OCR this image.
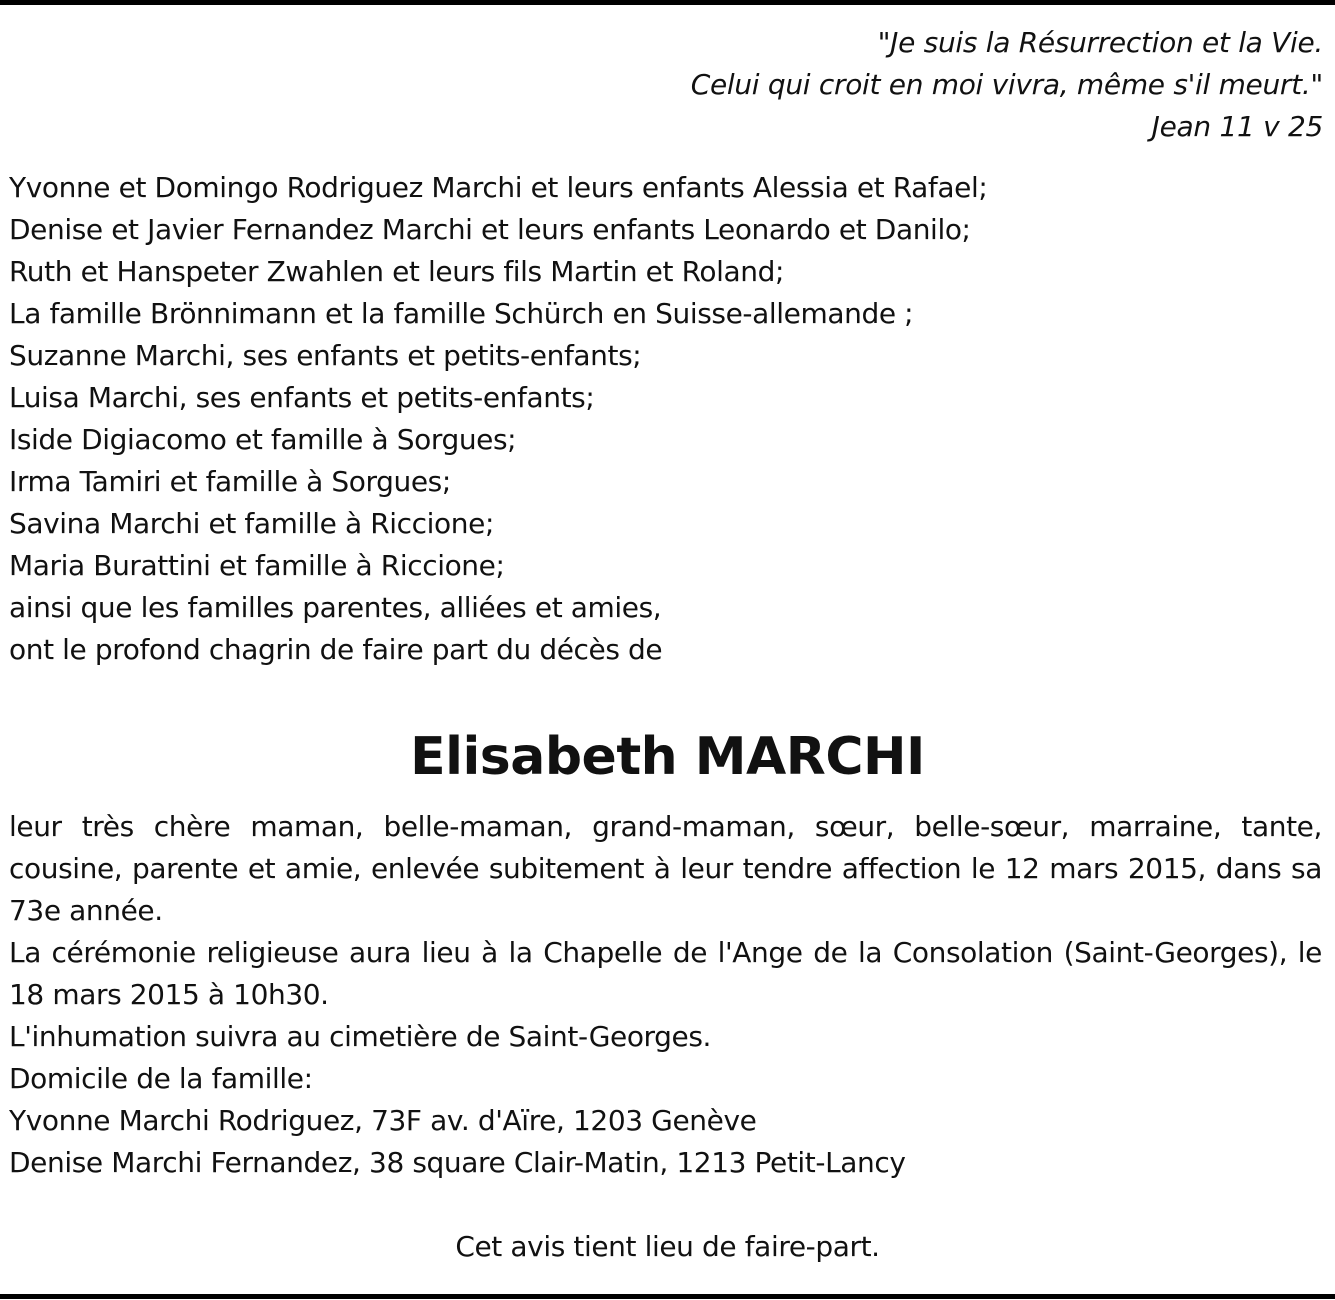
"Je suis la Résurrection et la Vie.
Celui qui croit en moi vivra, même s'il meurt."
Jean 11 v 25
Yvonne et Domingo Rodriguez Marchi et leurs enfants Alessia et Rafael;
Denise et Javier Fernandez Marchi et leurs enfants Leonardo et Danilo;
Ruth et Hanspeter Zwahlen et leurs fils Martin et Roland;
La famille Brönnimann et la famille Schürch en Suisse-allemande ;
Suzanne Marchi, ses enfants et petits-enfants;
Luisa Marchi, ses enfants et petits-enfants;
Iside Digiacomo et famille à Sorgues;
Irma Tamiri et famille à Sorgues;
Savina Marchi et famille à Riccione;
Maria Burattini et famille à Riccione;
ainsi que les familles parentes, alliées et amies,
ont le profond chagrin de faire part du décès de
Elisabeth MARCHI
leur très chère maman, belle-maman, grand-maman, sœur, belle-sœur, marraine, tante, cousine, parente et amie, enlevée subitement à leur tendre affection le 12 mars 2015, dans sa 73e année.
La cérémonie religieuse aura lieu à la Chapelle de l'Ange de la Consolation (Saint-Georges), le 18 mars 2015 à 10h30.
L'inhumation suivra au cimetière de Saint-Georges.
Domicile de la famille:
Yvonne Marchi Rodriguez, 73F av. d'Aïre, 1203 Genève
Denise Marchi Fernandez, 38 square Clair-Matin, 1213 Petit-Lancy
Cet avis tient lieu de faire-part.
